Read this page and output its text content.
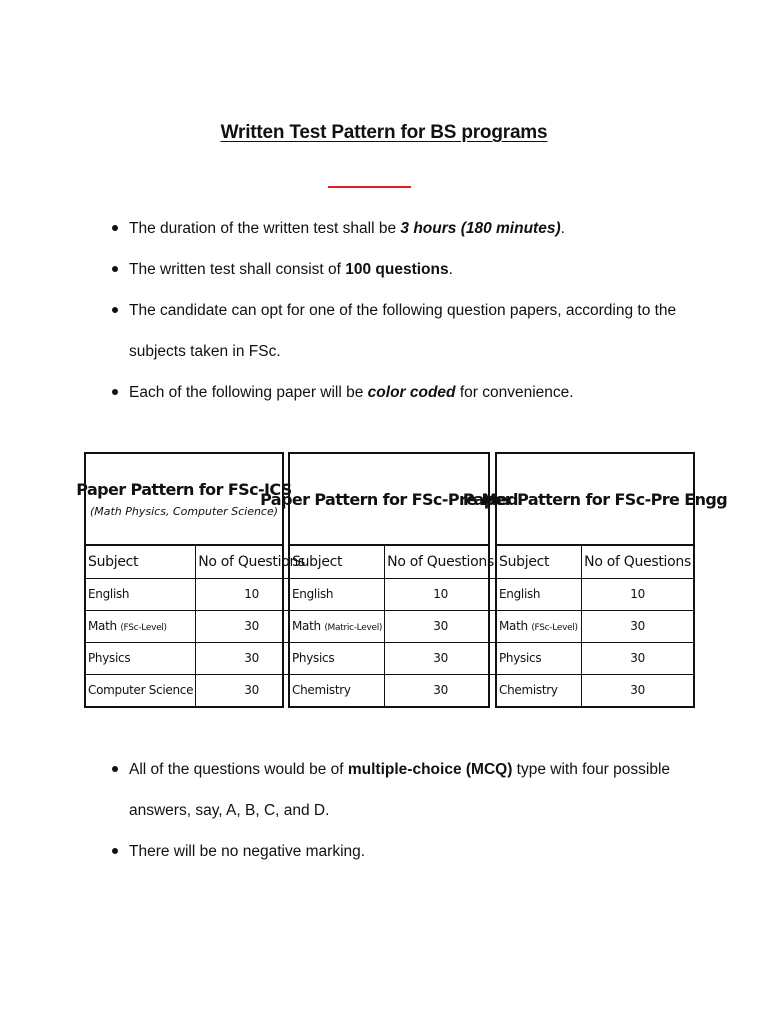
Written Test Pattern for BS programs
The duration of the written test shall be 3 hours (180 minutes).
The written test shall consist of 100 questions.
The candidate can opt for one of the following question papers, according to the subjects taken in FSc.
Each of the following paper will be color coded for convenience.
Paper Pattern for FSc-ICS
(Math Physics, Computer Science)
Subject	No of Questions
English	10
Math (FSc-Level)	30
Physics	30
Computer Science	30
Paper Pattern for FSc-Pre Med
Subject	No of Questions
English	10
Math (Matric-Level)	30
Physics	30
Chemistry	30
Paper Pattern for FSc-Pre Engg
Subject	No of Questions
English	10
Math (FSc-Level)	30
Physics	30
Chemistry	30
All of the questions would be of multiple-choice (MCQ) type with four possible answers, say, A, B, C, and D.
There will be no negative marking.
